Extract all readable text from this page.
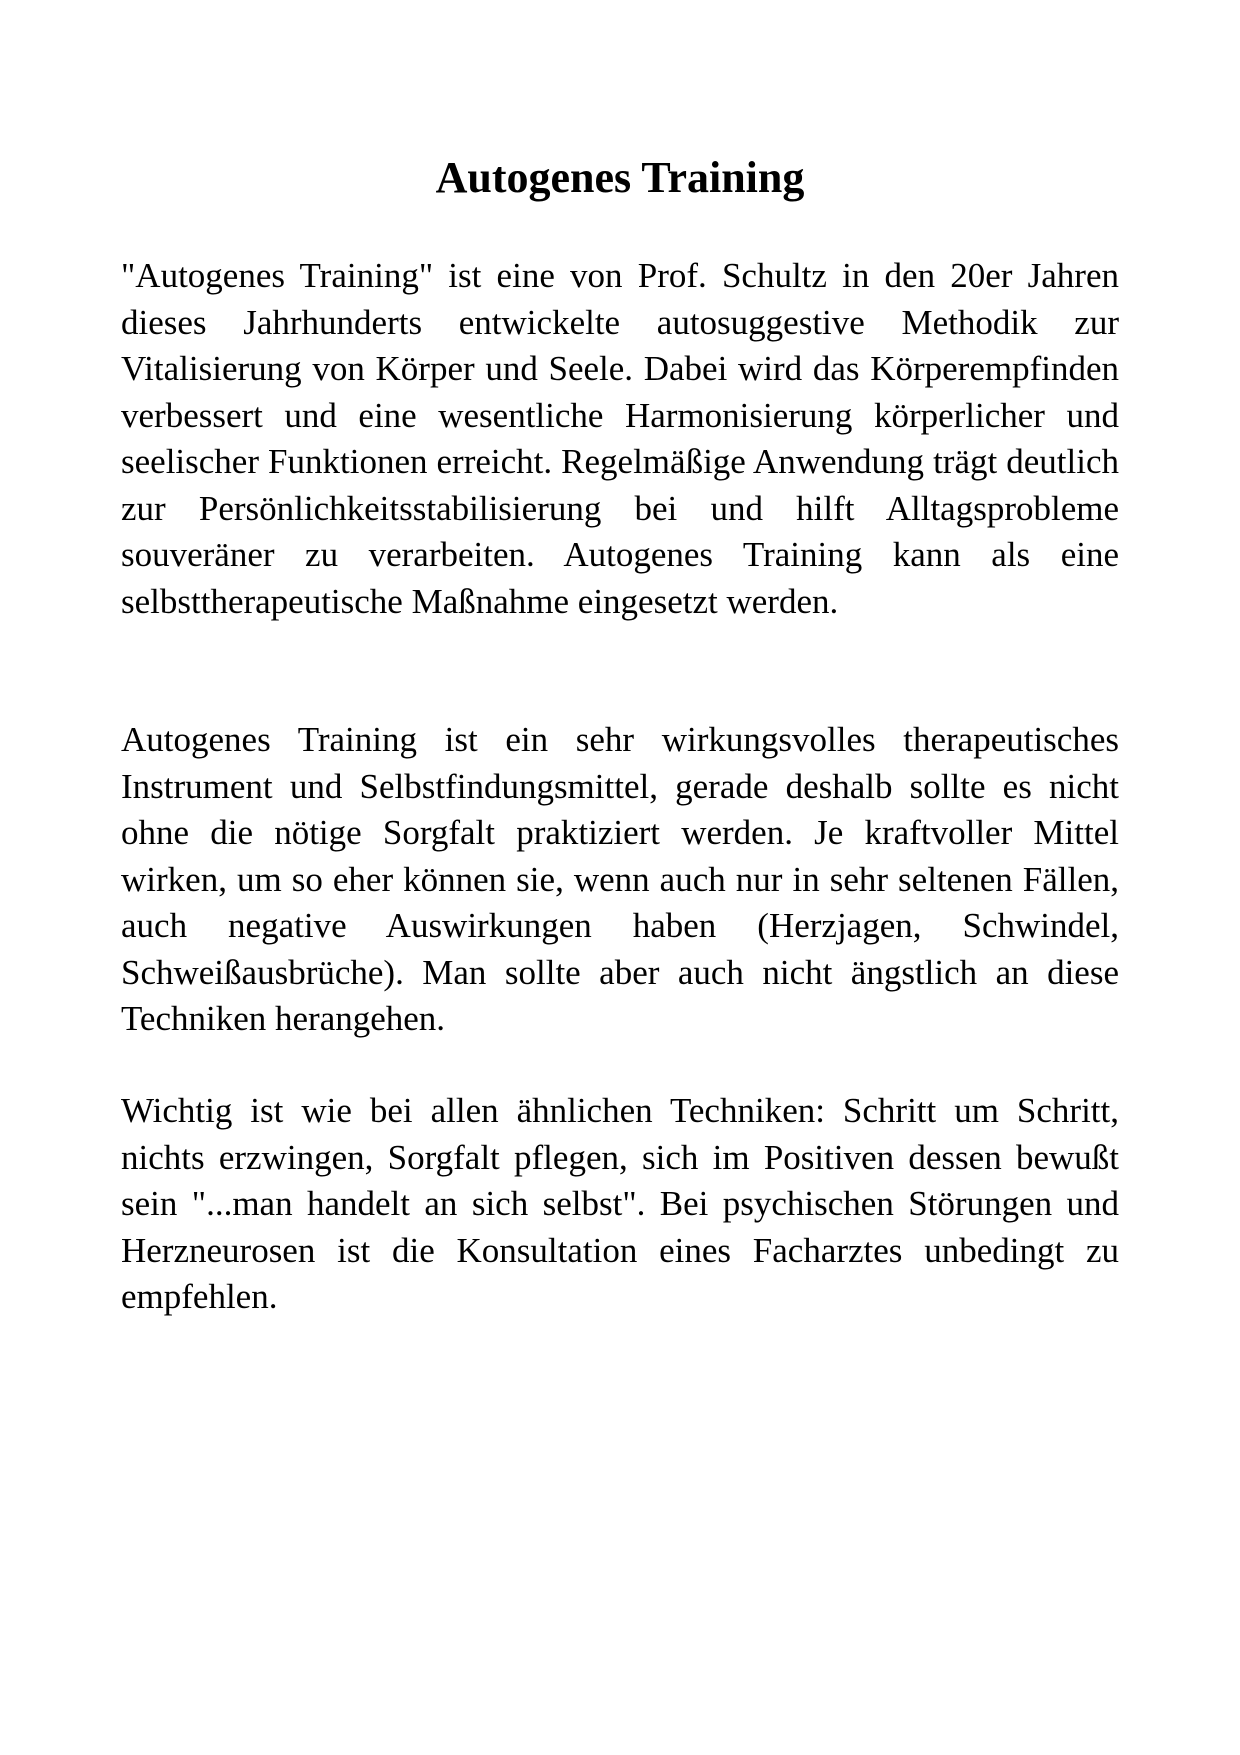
Autogenes Training

"Autogenes Training" ist eine von Prof. Schultz in den 20er Jahren dieses Jahrhunderts entwickelte autosuggestive Methodik zur Vitalisierung von Körper und Seele. Dabei wird das Körperempfinden verbessert und eine wesentliche Harmonisierung körperlicher und seelischer Funktionen erreicht. Regelmäßige Anwendung trägt deutlich zur Persönlichkeitsstabilisierung bei und hilft Alltagsprobleme souveräner zu verarbeiten. Autogenes Training kann als eine selbsttherapeutische Maßnahme eingesetzt werden.

Autogenes Training ist ein sehr wirkungsvolles therapeutisches Instrument und Selbstfindungsmittel, gerade deshalb sollte es nicht ohne die nötige Sorgfalt praktiziert werden. Je kraftvoller Mittel wirken, um so eher können sie, wenn auch nur in sehr seltenen Fällen, auch negative Auswirkungen haben (Herzjagen, Schwindel, Schweißausbrüche). Man sollte aber auch nicht ängstlich an diese Techniken herangehen.

Wichtig ist wie bei allen ähnlichen Techniken: Schritt um Schritt, nichts erzwingen, Sorgfalt pflegen, sich im Positiven dessen bewußt sein "...man handelt an sich selbst". Bei psychischen Störungen und Herzneurosen ist die Konsultation eines Facharztes unbedingt zu empfehlen.
